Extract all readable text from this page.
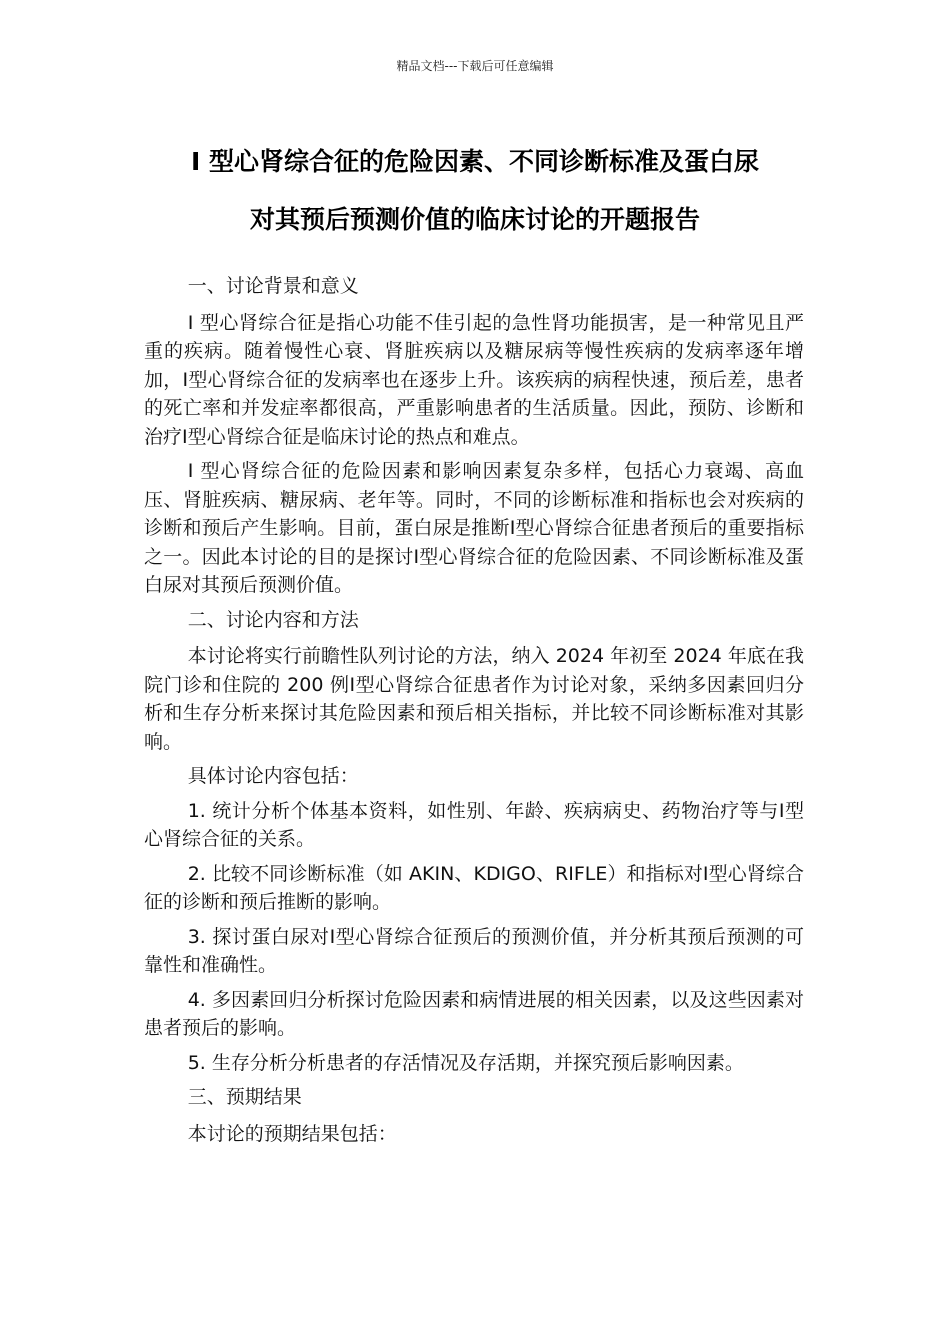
精品文档---下载后可任意编辑
I 型心肾综合征的危险因素、不同诊断标准及蛋白尿
对其预后预测价值的临床讨论的开题报告

一、讨论背景和意义

I 型心肾综合征是指心功能不佳引起的急性肾功能损害，是一种常见且严重的疾病。随着慢性心衰、肾脏疾病以及糖尿病等慢性疾病的发病率逐年增加，Ⅰ型心肾综合征的发病率也在逐步上升。该疾病的病程快速，预后差，患者的死亡率和并发症率都很高，严重影响患者的生活质量。因此，预防、诊断和治疗Ⅰ型心肾综合征是临床讨论的热点和难点。

I 型心肾综合征的危险因素和影响因素复杂多样，包括心力衰竭、高血压、肾脏疾病、糖尿病、老年等。同时，不同的诊断标准和指标也会对疾病的诊断和预后产生影响。目前，蛋白尿是推断Ⅰ型心肾综合征患者预后的重要指标之一。因此本讨论的目的是探讨Ⅰ型心肾综合征的危险因素、不同诊断标准及蛋白尿对其预后预测价值。

二、讨论内容和方法

本讨论将实行前瞻性队列讨论的方法，纳入 2024 年初至 2024 年底在我院门诊和住院的 200 例Ⅰ型心肾综合征患者作为讨论对象，采纳多因素回归分析和生存分析来探讨其危险因素和预后相关指标，并比较不同诊断标准对其影响。

具体讨论内容包括：

1. 统计分析个体基本资料，如性别、年龄、疾病病史、药物治疗等与Ⅰ型心肾综合征的关系。

2. 比较不同诊断标准（如 AKIN、KDIGO、RIFLE）和指标对Ⅰ型心肾综合征的诊断和预后推断的影响。

3. 探讨蛋白尿对Ⅰ型心肾综合征预后的预测价值，并分析其预后预测的可靠性和准确性。

4. 多因素回归分析探讨危险因素和病情进展的相关因素，以及这些因素对患者预后的影响。

5. 生存分析分析患者的存活情况及存活期，并探究预后影响因素。

三、预期结果

本讨论的预期结果包括：
